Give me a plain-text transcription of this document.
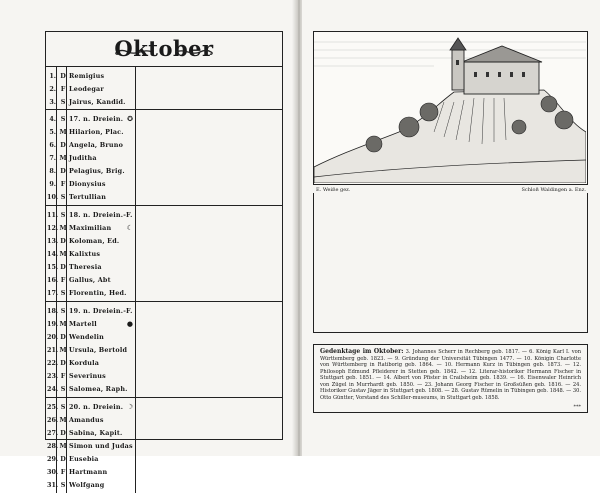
Oktober
1. D Remigius
2. F Leodegar
3. S Jairus, Kandid.
4. S 17. n. Dreiein. ✪
5. M Hilarion, Plac.
6. D Angela, Bruno
7. M Juditha
8. D Pelagius, Brig.
9. F Dionysius
10. S Tertullian
11. S 18. n. Dreiein.-F.
12. M Maximilian ☾
13. D Koloman, Ed.
14. M Kalixtus
15. D Theresia
16. F Gallus, Abt
17. S Florentin, Hed.
18. S 19. n. Dreiein.-F.
19. M Martell	●
20. D Wendelin
21. M Ursula, Bertold
22. D Kordula
23. F Severinus
24. S Salomea, Raph.
25. S 20. n. Dreiein. ☽
26. M Amandus
27. D Sabina, Kapit.
28. M Simon und Judas
29. D Eusebia
30. F Hartmann
31. S Wolfgang
E. Weiße gez.	Schloß Waldingen a. Enz.
Gedenktage im Oktober: 3. Johannes Scherr in Rechberg geb. 1817. — 6. König Karl I. von Württemberg geb. 1823. — 9. Gründung der Universität Tübingen 1477. — 10. Königin Charlotte von Württemberg in Ratiborig geb. 1864. — 10. Hermann Kurz in Tübingen geb. 1873. — 12. Philosoph Edmund Pfleiderer in Stetten geb. 1842. — 12. Literar-historiker Hermann Fischer in Stuttgart geb. 1851. — 14. Albert von Pfister in Crailsheim geb. 1839. — 16. Eisenwaler Heinrich von Zügel in Murrhardt geb. 1850. — 23. Johann Georg Fischer in Großsüßen geb. 1816. — 24. Historiker Gustav Jäger in Stuttgart geb. 1808. — 28. Gustav Rümelin in Tübingen geb. 1848. — 30. Otto Güntter, Vorstand des Schiller-museums, in Stuttgart geb. 1858.
***
